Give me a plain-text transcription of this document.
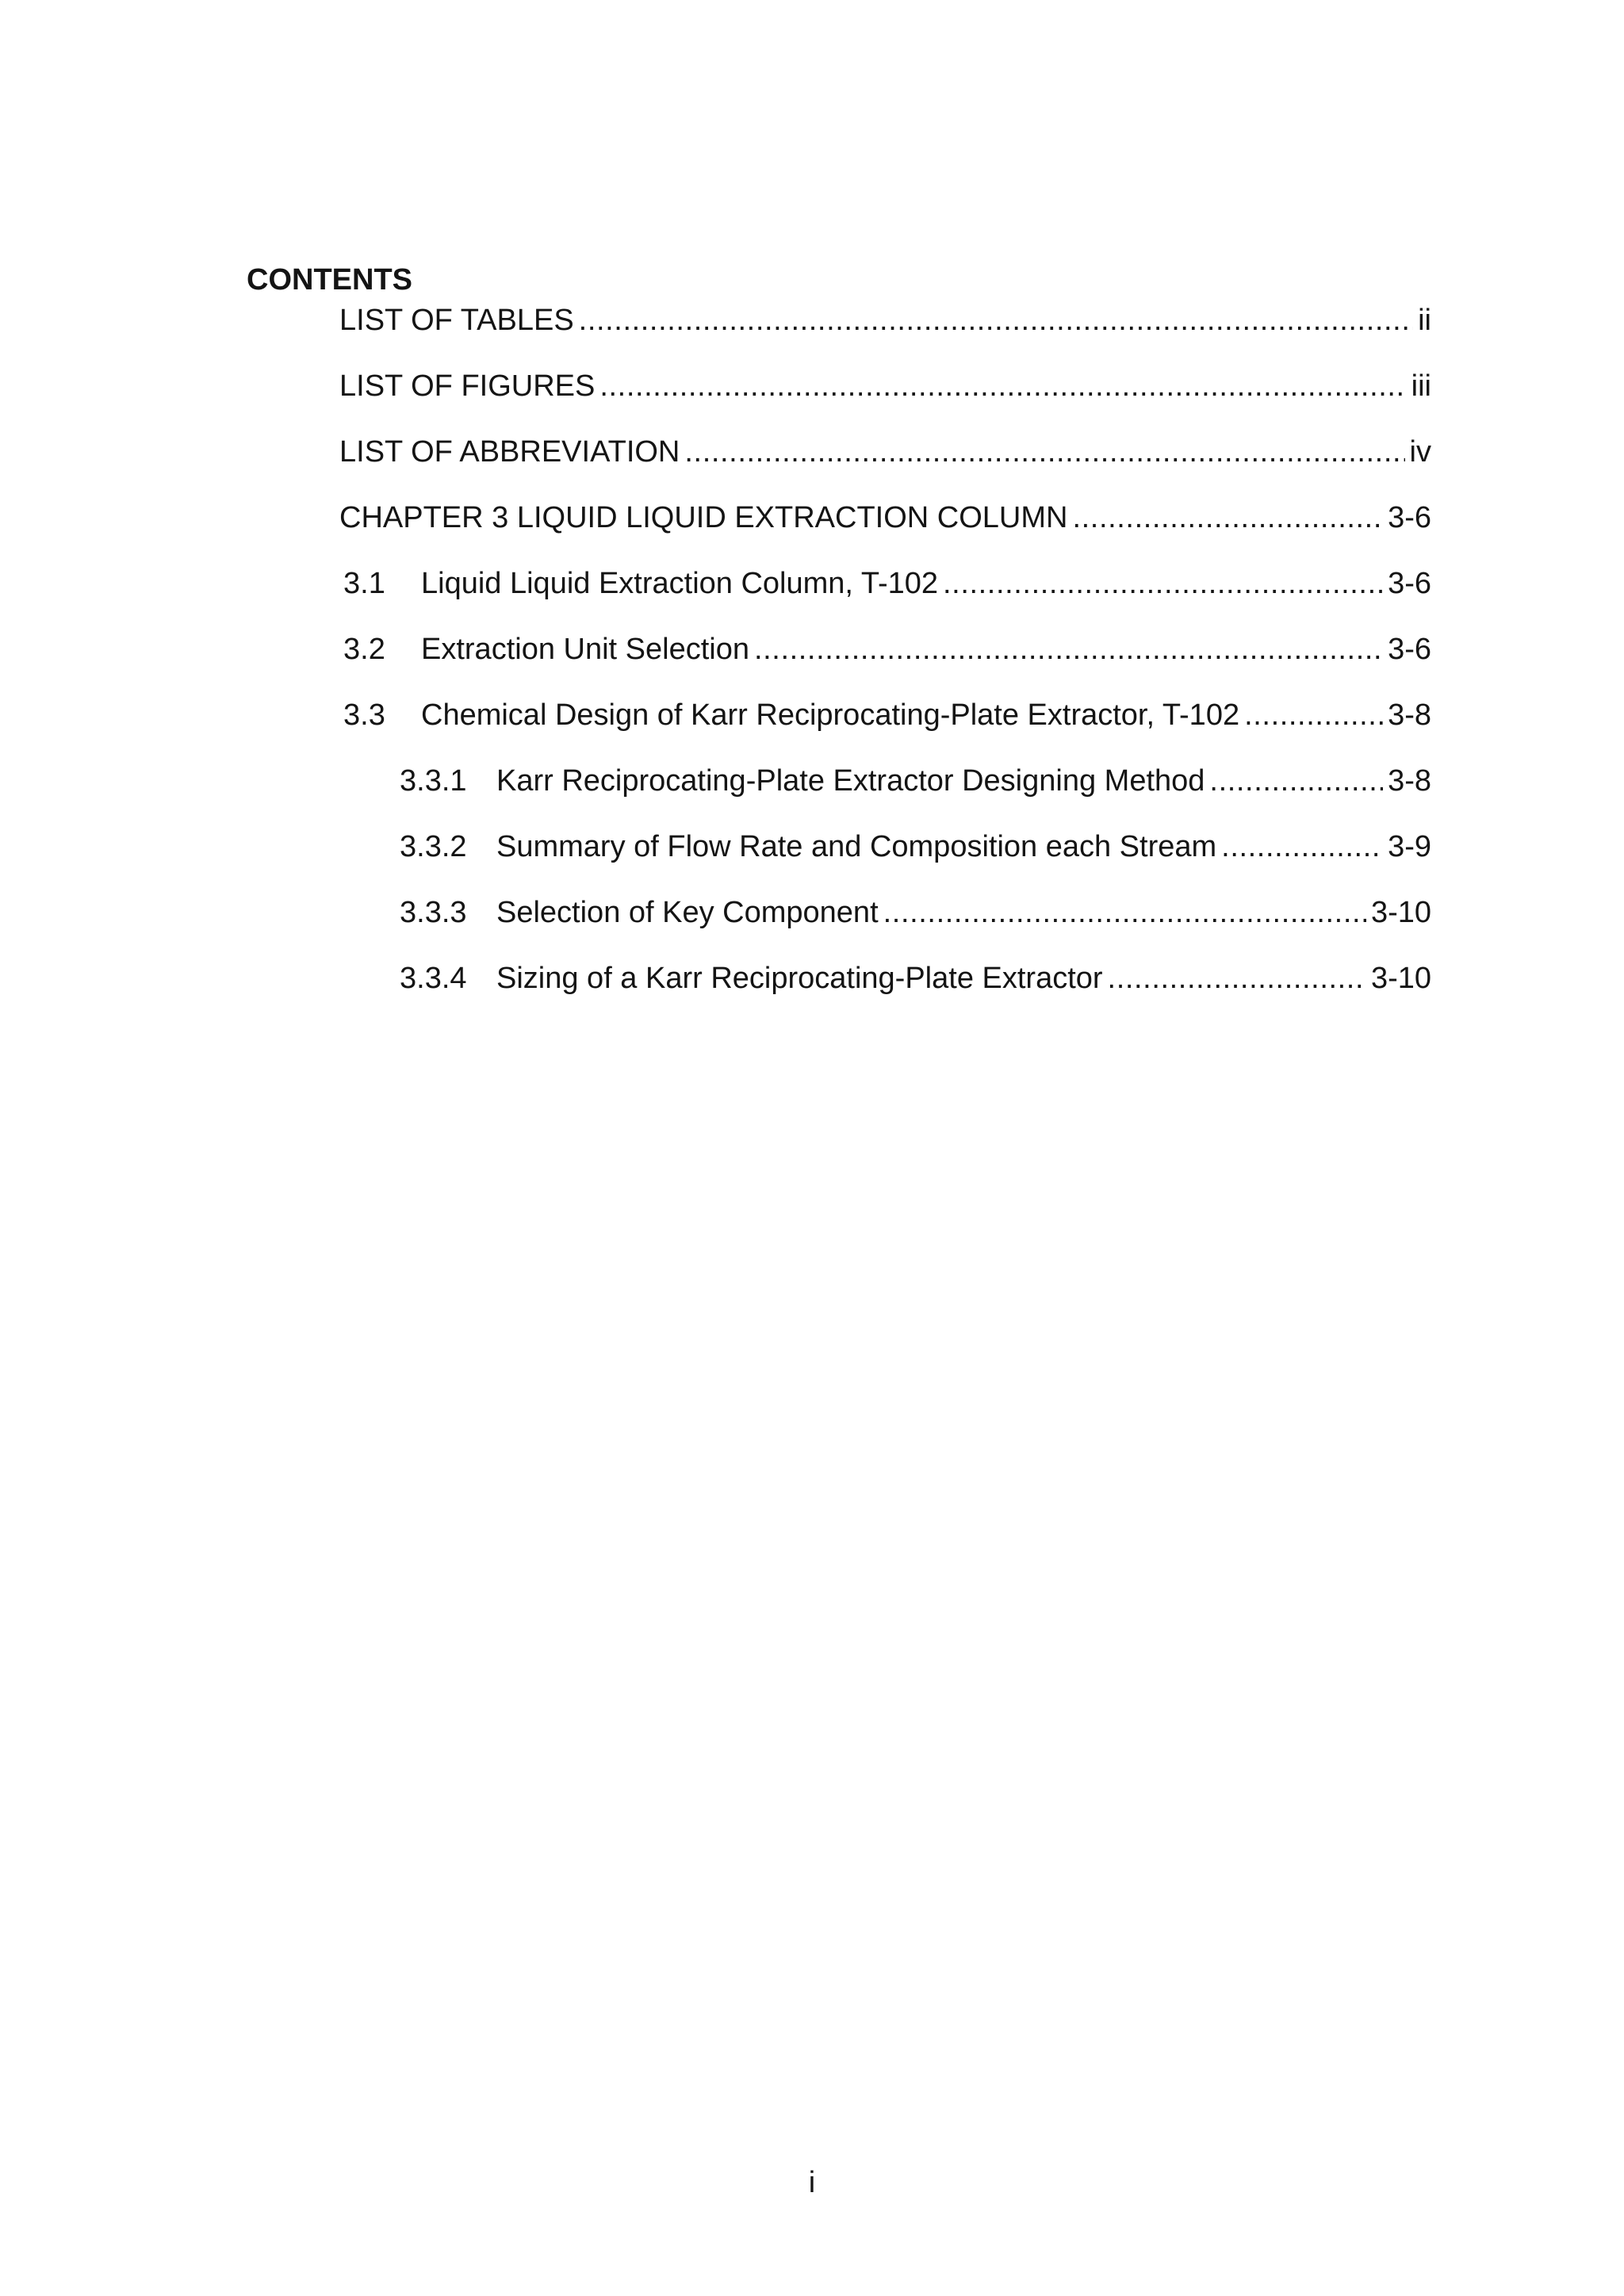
CONTENTS
LIST OF TABLES .....	ii
LIST OF FIGURES .....	iii
LIST OF ABBREVIATION .....	iv
CHAPTER 3 LIQUID LIQUID EXTRACTION COLUMN .....	3-6
3.1	Liquid Liquid Extraction Column, T-102 .....	3-6
3.2	Extraction Unit Selection .....	3-6
3.3	Chemical Design of Karr Reciprocating-Plate Extractor, T-102 .....	3-8
3.3.1 Karr Reciprocating-Plate Extractor Designing Method .....	3-8
3.3.2 Summary of Flow Rate and Composition each Stream .....	3-9
3.3.3 Selection of Key Component .....	3-10
3.3.4 Sizing of a Karr Reciprocating-Plate Extractor .....	3-10
i
